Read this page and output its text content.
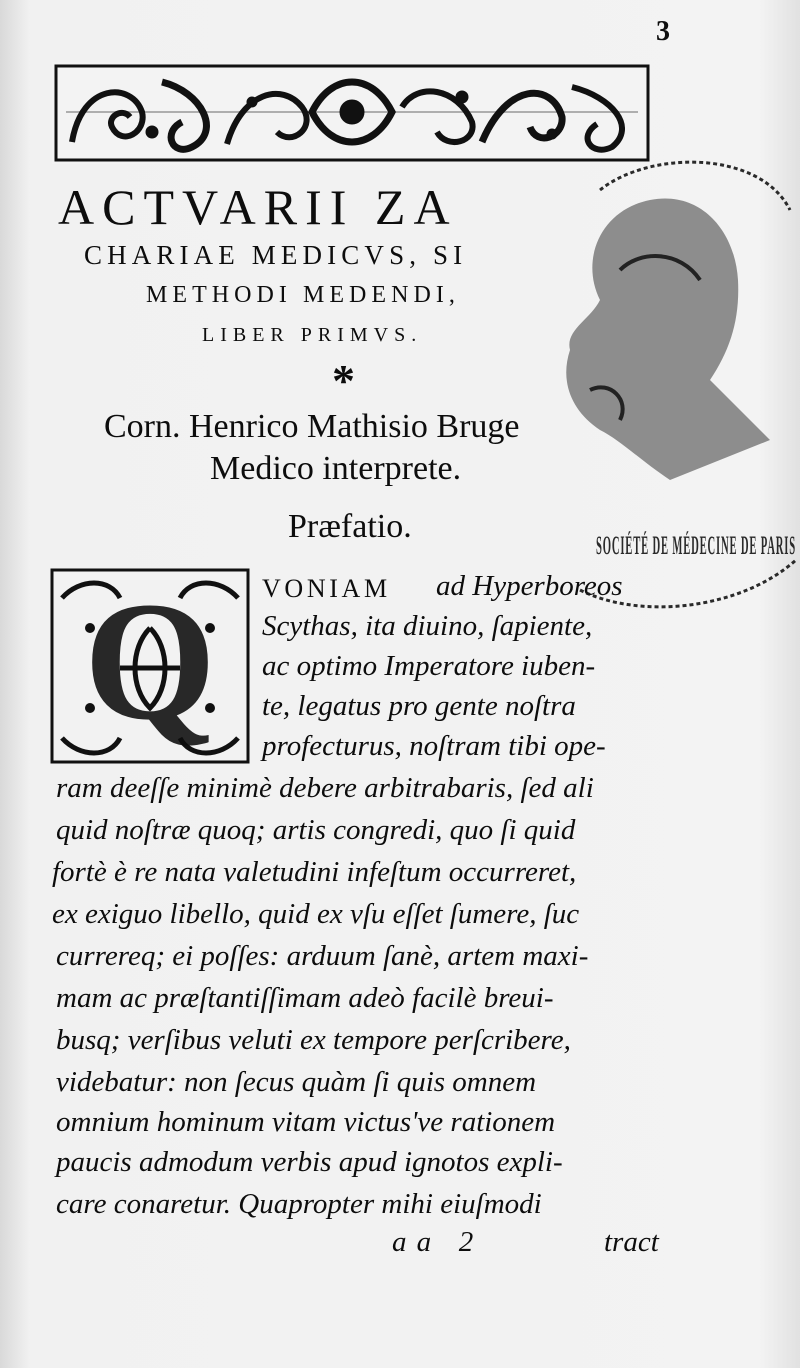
3
ACTVARII ZA
CHARIAE MEDICVS, SI
METHODI MEDENDI,
LIBER PRIMVS.
*
Corn. Henrico Mathisio Bruge
Medico interprete.
Præfatio.
Q VONIAM ad Hyperboreos
Scythas, ita diuino, ſapiente,
ac optimo Imperatore iuben-
te, legatus pro gente noſtra
profecturus, noſtram tibi ope-
ram deeſſe minimè debere arbitrabaris, ſed ali
quid noſtræ quoq; artis congredi, quo ſi quid
fortè è re nata valetudini infeſtum occurreret,
ex exiguo libello, quid ex vſu eſſet ſumere, ſuc
currereq; ei poſſes: arduum ſanè, artem maxi-
mam ac præſtantiſſimam adeò facilè breui-
busq; verſibus veluti ex tempore perſcribere,
videbatur: non ſecus quàm ſi quis omnem
omnium hominum vitam victus've rationem
paucis admodum verbis apud ignotos expli-
care conaretur. Quapropter mihi eiuſmodi
aa 2	tract
SOCIÉTÉ DE MÉDECINE DE PARIS
